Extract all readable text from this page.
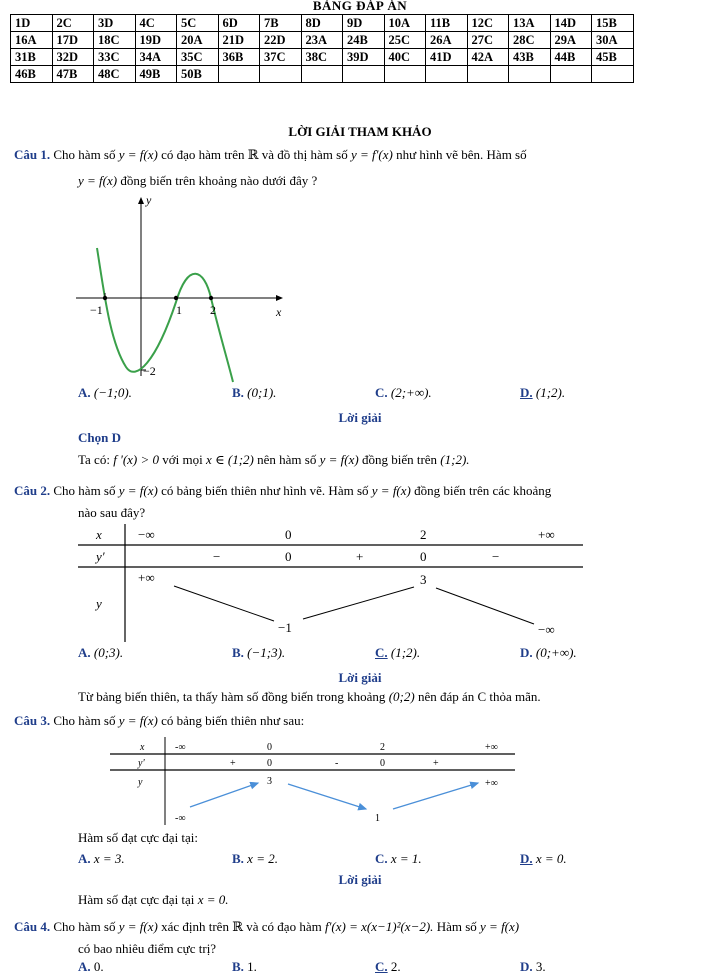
BẢNG ĐÁP ÁN
1D	2C	3D	4C	5C	6D	7B	8D	9D	10A	11B	12C	13A	14D	15B
16A	17D	18C	19D	20A	21D	22D	23A	24B	25C	26A	27C	28C	29A	30A
31B	32D	33C	34A	35C	36B	37C	38C	39D	40C	41D	42A	43B	44B	45B
46B	47B	48C	49B	50B										
LỜI GIẢI THAM KHẢO
Câu 1. Cho hàm số y = f(x) có đạo hàm trên ℝ và đồ thị hàm số y = f'(x) như hình vẽ bên. Hàm số
y = f(x) đồng biến trên khoảng nào dưới đây ?
y
x
−1	1 2
−2
A. (−1;0).	B. (0;1).	C. (2;+∞).	D. (1;2).
Lời giải
Chọn D
Ta có: f '(x) > 0 với mọi x ∈ (1;2) nên hàm số y = f(x) đồng biến trên (1;2).
Câu 2. Cho hàm số y = f(x) có bảng biến thiên như hình vẽ. Hàm số y = f(x) đồng biến trên các khoảng
nào sau đây?
x
y′
y
−∞	0	2	+∞
−	0	+	0	−
+∞
−1
3
−∞
A. (0;3).	B. (−1;3).	C. (1;2).	D. (0;+∞).
Lời giải
Từ bảng biến thiên, ta thấy hàm số đồng biến trong khoảng (0;2) nên đáp án C thỏa mãn.
Câu 3. Cho hàm số y = f(x) có bảng biến thiên như sau:
x
y'
y
-∞	0	2	+∞
+	0	-	0	+
-∞
3
1
+∞
Hàm số đạt cực đại tại:
A. x = 3.	B. x = 2.	C. x = 1.	D. x = 0.
Lời giải
Hàm số đạt cực đại tại x = 0.
Câu 4. Cho hàm số y = f(x) xác định trên ℝ và có đạo hàm f′(x) = x(x−1)²(x−2). Hàm số y = f(x)
có bao nhiêu điểm cực trị?
A. 0.	B. 1.	C. 2.	D. 3.
